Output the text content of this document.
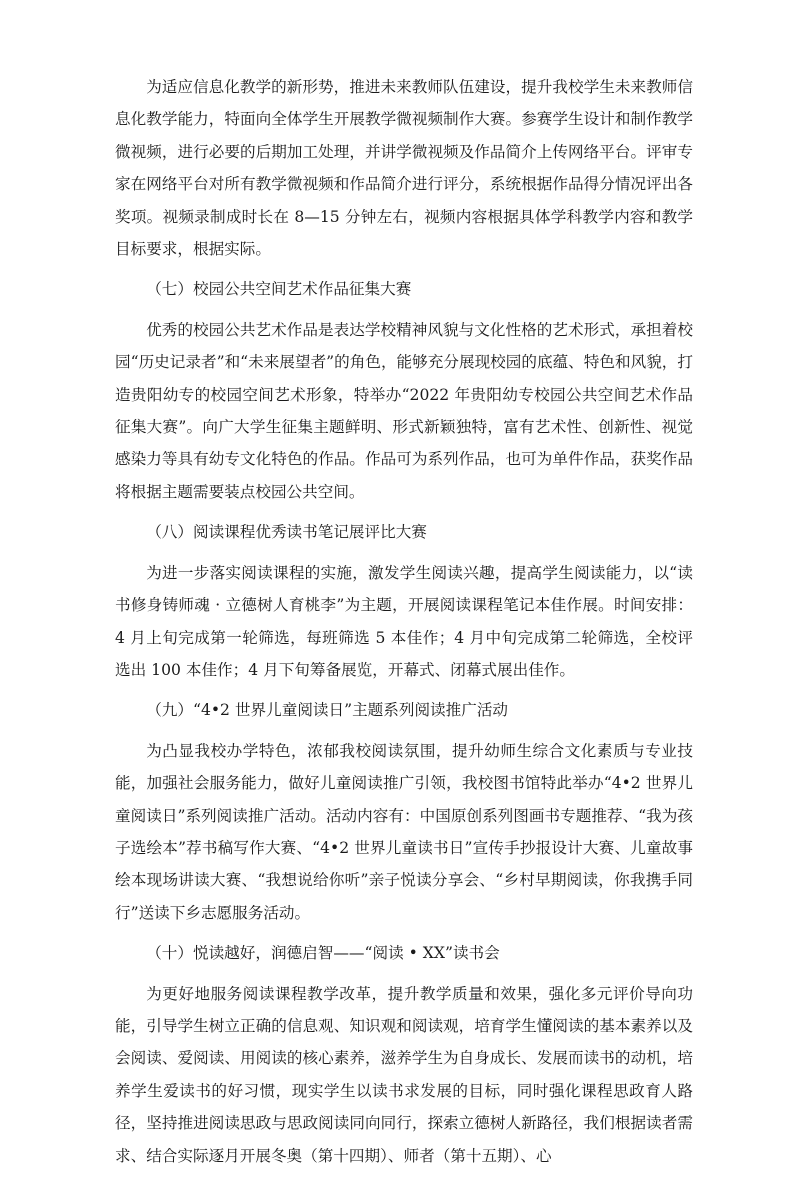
为适应信息化教学的新形势，推进未来教师队伍建设，提升我校学生未来教师信息化教学能力，特面向全体学生开展教学微视频制作大赛。参赛学生设计和制作教学微视频，进行必要的后期加工处理，并讲学微视频及作品简介上传网络平台。评审专家在网络平台对所有教学微视频和作品简介进行评分，系统根据作品得分情况评出各奖项。视频录制成时长在 8—15 分钟左右，视频内容根据具体学科教学内容和教学目标要求，根据实际。

（七）校园公共空间艺术作品征集大赛

优秀的校园公共艺术作品是表达学校精神风貌与文化性格的艺术形式，承担着校园“历史记录者”和“未来展望者”的角色，能够充分展现校园的底蕴、特色和风貌，打造贵阳幼专的校园空间艺术形象，特举办“2022 年贵阳幼专校园公共空间艺术作品征集大赛”。向广大学生征集主题鲜明、形式新颖独特，富有艺术性、创新性、视觉感染力等具有幼专文化特色的作品。作品可为系列作品，也可为单件作品，获奖作品将根据主题需要装点校园公共空间。

（八）阅读课程优秀读书笔记展评比大赛

为进一步落实阅读课程的实施，激发学生阅读兴趣，提高学生阅读能力，以“读书修身铸师魂 · 立德树人育桃李”为主题，开展阅读课程笔记本佳作展。时间安排：4 月上旬完成第一轮筛选，每班筛选 5 本佳作；4 月中旬完成第二轮筛选，全校评选出 100 本佳作；4 月下旬筹备展览，开幕式、闭幕式展出佳作。

（九）“4•2 世界儿童阅读日”主题系列阅读推广活动

为凸显我校办学特色，浓郁我校阅读氛围，提升幼师生综合文化素质与专业技能，加强社会服务能力，做好儿童阅读推广引领，我校图书馆特此举办“4•2 世界儿童阅读日”系列阅读推广活动。活动内容有：中国原创系列图画书专题推荐、“我为孩子选绘本”荐书稿写作大赛、“4•2 世界儿童读书日”宣传手抄报设计大赛、儿童故事绘本现场讲读大赛、“我想说给你听”亲子悦读分享会、“乡村早期阅读，你我携手同行”送读下乡志愿服务活动。

（十）悦读越好，润德启智——“阅读 • XX”读书会

为更好地服务阅读课程教学改革，提升教学质量和效果，强化多元评价导向功能，引导学生树立正确的信息观、知识观和阅读观，培育学生懂阅读的基本素养以及会阅读、爱阅读、用阅读的核心素养，滋养学生为自身成长、发展而读书的动机，培养学生爱读书的好习惯，现实学生以读书求发展的目标，同时强化课程思政育人路径，坚持推进阅读思政与思政阅读同向同行，探索立德树人新路径，我们根据读者需求、结合实际逐月开展冬奥（第十四期）、师者（第十五期）、心
